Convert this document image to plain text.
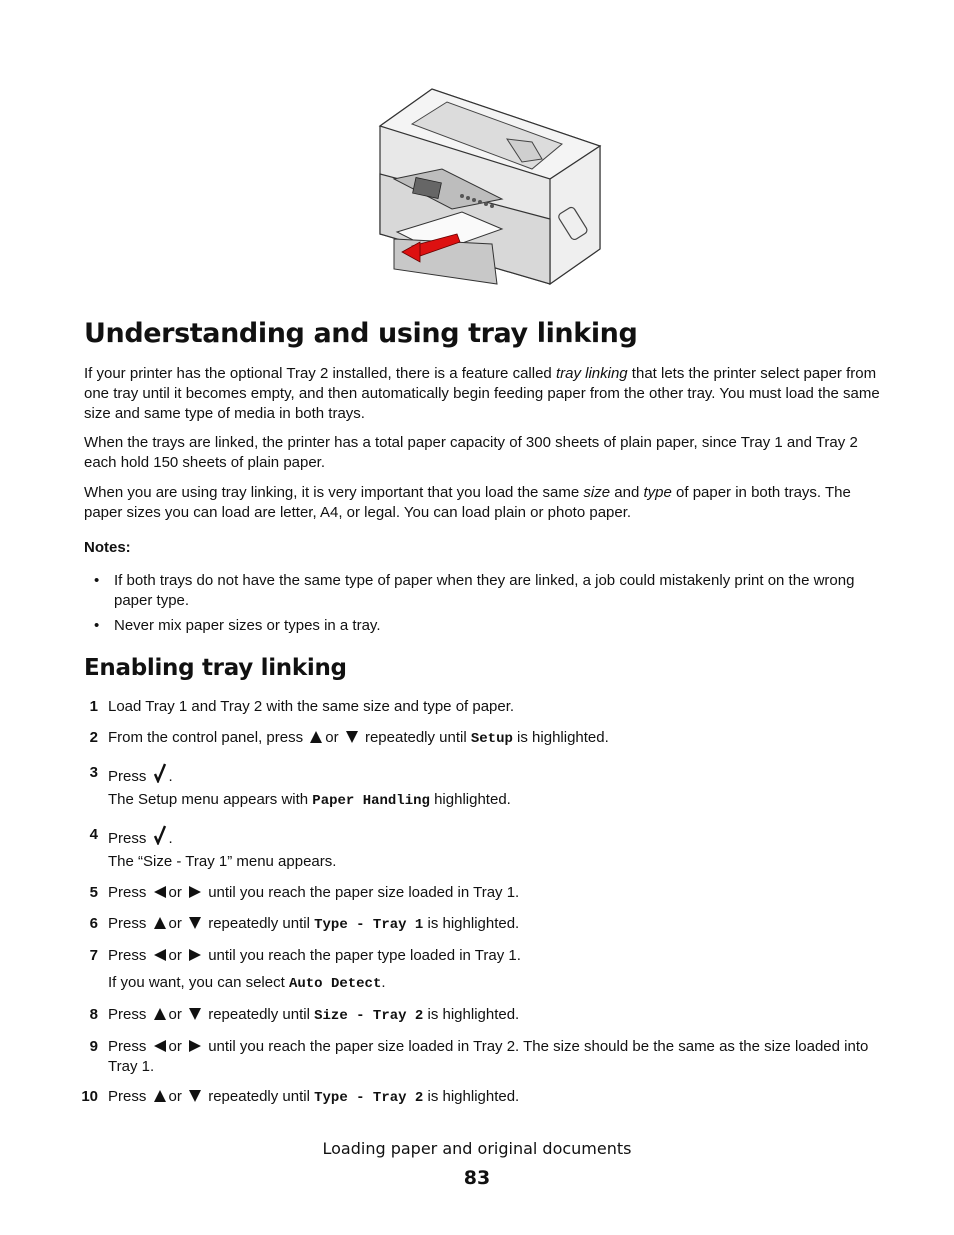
Understanding and using tray linking

If your printer has the optional Tray 2 installed, there is a feature called tray linking that lets the printer select paper from one tray until it becomes empty, and then automatically begin feeding paper from the other tray. You must load the same size and same type of media in both trays.

When the trays are linked, the printer has a total paper capacity of 300 sheets of plain paper, since Tray 1 and Tray 2 each hold 150 sheets of plain paper.

When you are using tray linking, it is very important that you load the same size and type of paper in both trays. The paper sizes you can load are letter, A4, or legal. You can load plain or photo paper.

Notes:

• If both trays do not have the same type of paper when they are linked, a job could mistakenly print on the wrong paper type.
• Never mix paper sizes or types in a tray.
Enabling tray linking
1 Load Tray 1 and Tray 2 with the same size and type of paper.
2 From the control panel, press or repeatedly until Setup is highlighted.
3 Press .
The Setup menu appears with Paper Handling highlighted.
4 Press .
The “Size - Tray 1” menu appears.
5 Press or until you reach the paper size loaded in Tray 1.
6 Press or repeatedly until Type - Tray 1 is highlighted.
7 Press or until you reach the paper type loaded in Tray 1.
If you want, you can select Auto Detect.
8 Press or repeatedly until Size - Tray 2 is highlighted.
9 Press or until you reach the paper size loaded in Tray 2. The size should be the same as the size loaded into Tray 1.
10 Press or repeatedly until Type - Tray 2 is highlighted.
Loading paper and original documents
83
